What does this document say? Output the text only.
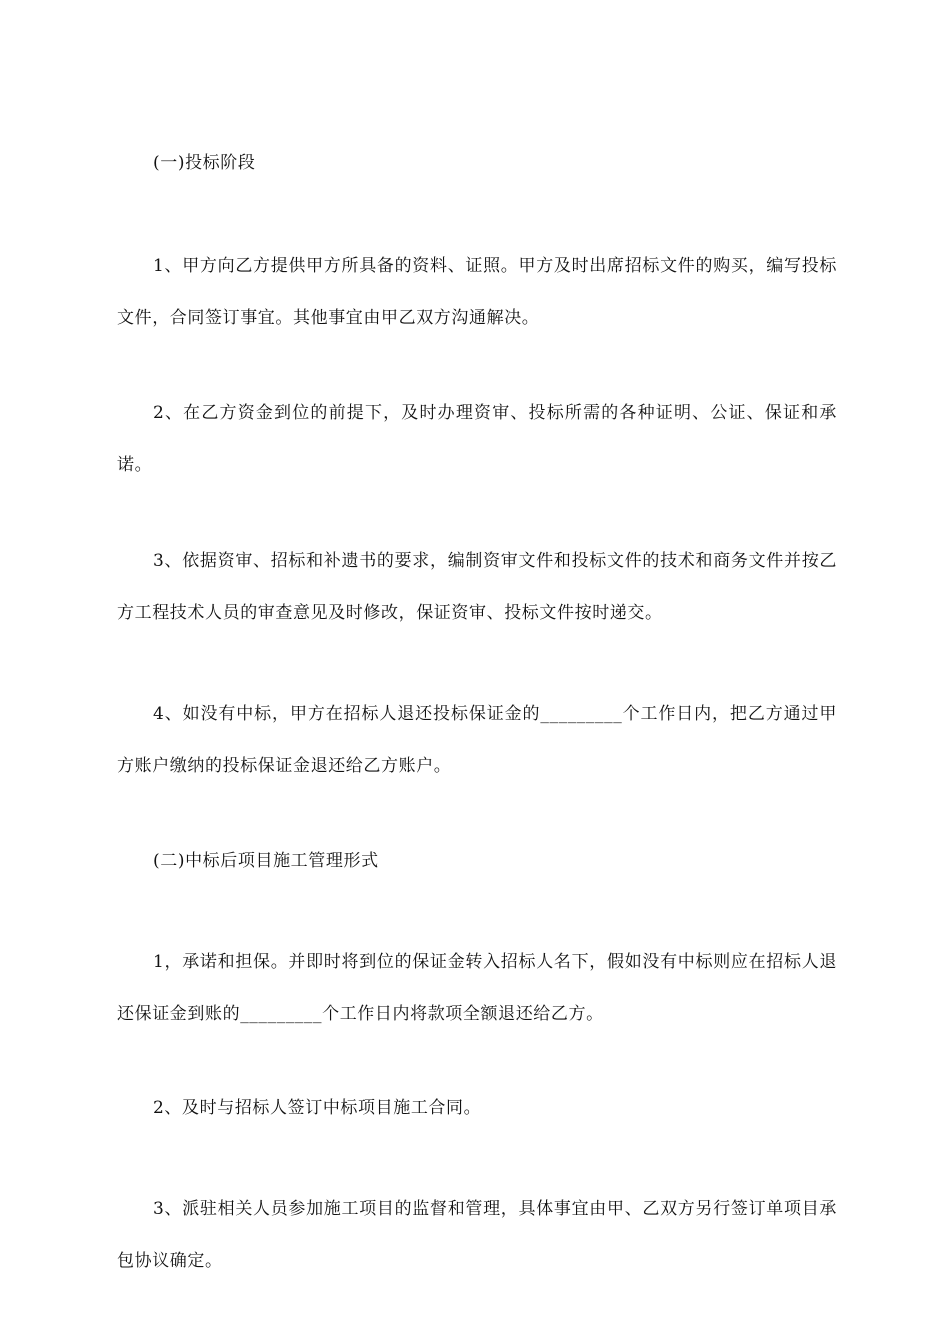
(一)投标阶段

1、甲方向乙方提供甲方所具备的资料、证照。甲方及时出席招标文件的购买，编写投标文件，合同签订事宜。其他事宜由甲乙双方沟通解决。

2、在乙方资金到位的前提下，及时办理资审、投标所需的各种证明、公证、保证和承诺。

3、依据资审、招标和补遗书的要求，编制资审文件和投标文件的技术和商务文件并按乙方工程技术人员的审查意见及时修改，保证资审、投标文件按时递交。

4、如没有中标，甲方在招标人退还投标保证金的_________个工作日内，把乙方通过甲方账户缴纳的投标保证金退还给乙方账户。

(二)中标后项目施工管理形式

1，承诺和担保。并即时将到位的保证金转入招标人名下，假如没有中标则应在招标人退还保证金到账的_________个工作日内将款项全额退还给乙方。

2、及时与招标人签订中标项目施工合同。

3、派驻相关人员参加施工项目的监督和管理，具体事宜由甲、乙双方另行签订单项目承包协议确定。
